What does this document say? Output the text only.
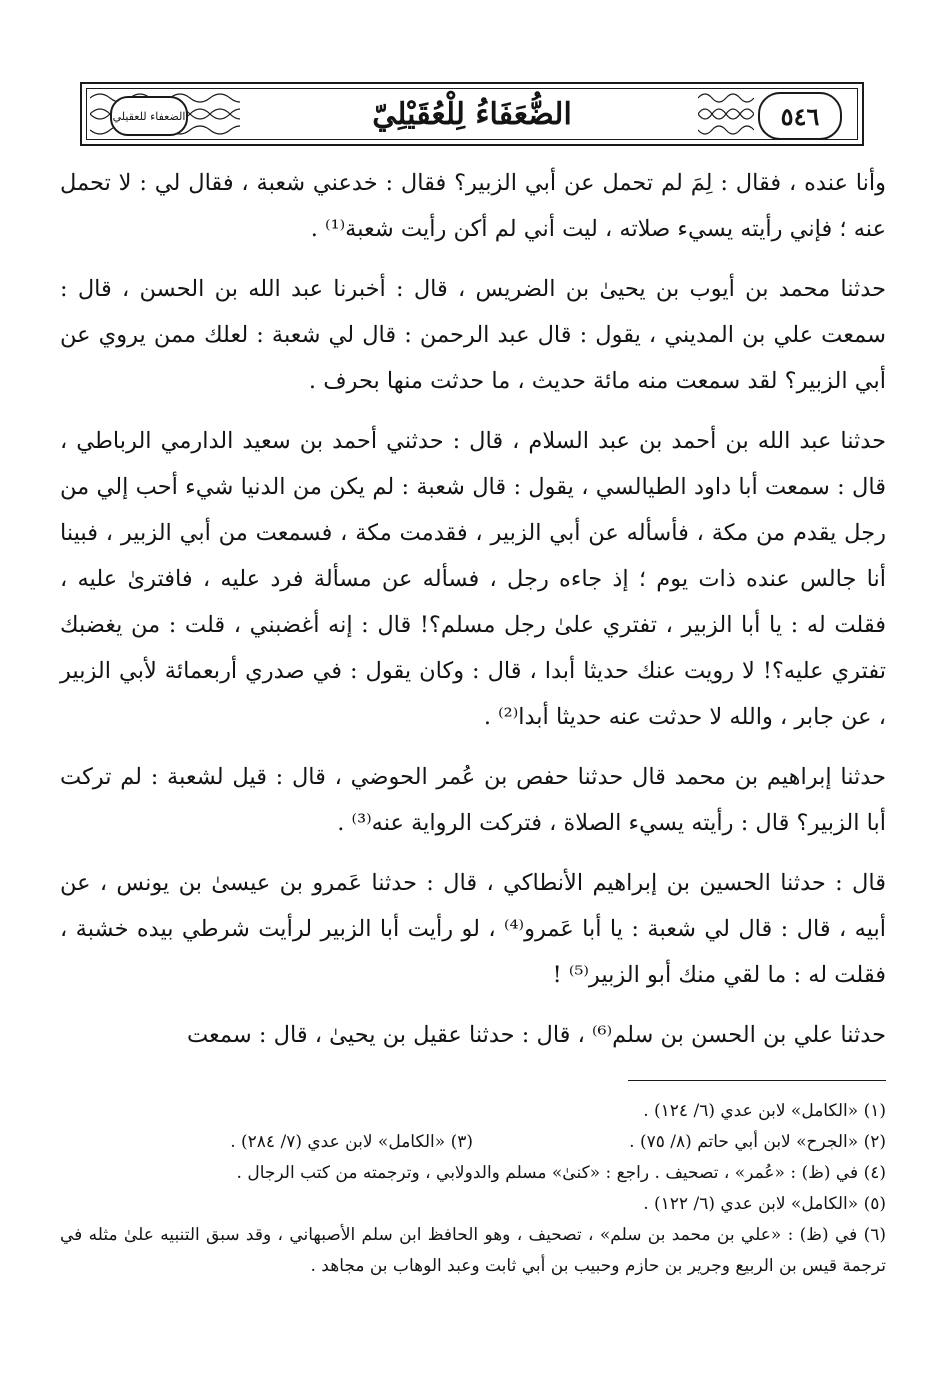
الضعفاء للعقيلي	الضُّعَفَاءُ لِلْعُقَيْلِيّ	٥٤٦

وأنا عنده ، فقال : لِمَ لم تحمل عن أبي الزبير؟ فقال : خدعني شعبة ، فقال لي : لا تحمل عنه ؛ فإني رأيته يسيء صلاته ، ليت أني لم أكن رأيت شعبة⁽¹⁾ .

حدثنا محمد بن أيوب بن يحيىٰ بن الضريس ، قال : أخبرنا عبد الله بن الحسن ، قال : سمعت علي بن المديني ، يقول : قال عبد الرحمن : قال لي شعبة : لعلك ممن يروي عن أبي الزبير؟ لقد سمعت منه مائة حديث ، ما حدثت منها بحرف .

حدثنا عبد الله بن أحمد بن عبد السلام ، قال : حدثني أحمد بن سعيد الدارمي الرباطي ، قال : سمعت أبا داود الطيالسي ، يقول : قال شعبة : لم يكن من الدنيا شيء أحب إلي من رجل يقدم من مكة ، فأسأله عن أبي الزبير ، فقدمت مكة ، فسمعت من أبي الزبير ، فبينا أنا جالس عنده ذات يوم ؛ إذ جاءه رجل ، فسأله عن مسألة فرد عليه ، فافترىٰ عليه ، فقلت له : يا أبا الزبير ، تفتري علىٰ رجل مسلم؟! قال : إنه أغضبني ، قلت : من يغضبك تفتري عليه؟! لا رويت عنك حديثا أبدا ، قال : وكان يقول : في صدري أربعمائة لأبي الزبير ، عن جابر ، والله لا حدثت عنه حديثا أبدا⁽²⁾ .

حدثنا إبراهيم بن محمد قال حدثنا حفص بن عُمر الحوضي ، قال : قيل لشعبة : لم تركت أبا الزبير؟ قال : رأيته يسيء الصلاة ، فتركت الرواية عنه⁽³⁾ .

قال : حدثنا الحسين بن إبراهيم الأنطاكي ، قال : حدثنا عَمرو بن عيسىٰ بن يونس ، عن أبيه ، قال : قال لي شعبة : يا أبا عَمرو⁽⁴⁾ ، لو رأيت أبا الزبير لرأيت شرطي بيده خشبة ، فقلت له : ما لقي منك أبو الزبير⁽⁵⁾ !

حدثنا علي بن الحسن بن سلم⁽⁶⁾ ، قال : حدثنا عقيل بن يحيىٰ ، قال : سمعت

(١) «الكامل» لابن عدي (٦/ ١٢٤) .

(٢) «الجرح» لابن أبي حاتم (٨/ ٧٥) .
(٣) «الكامل» لابن عدي (٧/ ٢٨٤) .

(٤) في (ظ) : «عُمر» ، تصحيف . راجع : «كنىٰ» مسلم والدولابي ، وترجمته من كتب الرجال .

(٥) «الكامل» لابن عدي (٦/ ١٢٢) .

(٦) في (ظ) : «علي بن محمد بن سلم» ، تصحيف ، وهو الحافظ ابن سلم الأصبهاني ، وقد سبق التنبيه علىٰ مثله في ترجمة قيس بن الربيع وجرير بن حازم وحبيب بن أبي ثابت وعبد الوهاب بن مجاهد .
